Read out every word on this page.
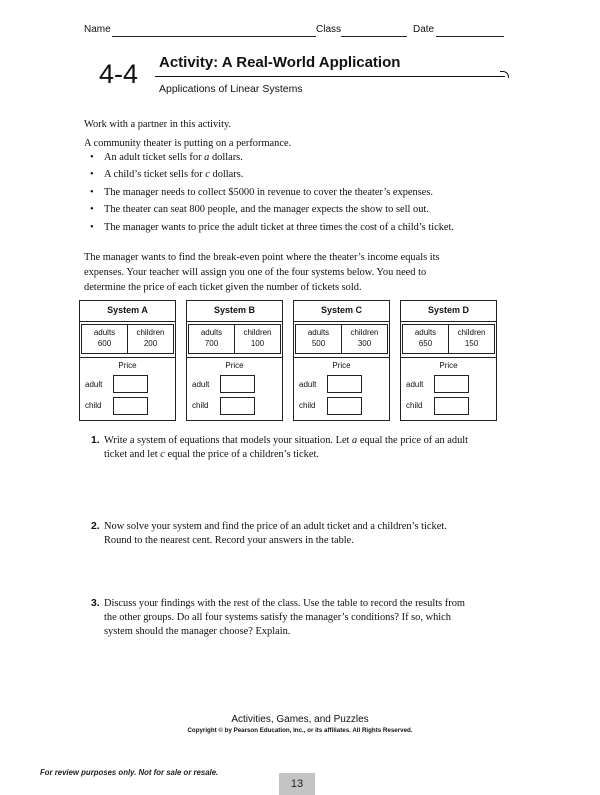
Name	Class	Date
4-4 Activity: A Real-World Application
Applications of Linear Systems
Work with a partner in this activity.
A community theater is putting on a performance.
• An adult ticket sells for a dollars.
• A child’s ticket sells for c dollars.
• The manager needs to collect $5000 in revenue to cover the theater’s expenses.
• The theater can seat 800 people, and the manager expects the show to sell out.
• The manager wants to price the adult ticket at three times the cost of a child’s ticket.
The manager wants to find the break-even point where the theater’s income equals its expenses. Your teacher will assign you one of the four systems below. You need to determine the price of each ticket given the number of tickets sold.
System A
adults	children
600	200
Price
adult
child
System B
adults	children
700	100
Price
adult
child
System C
adults	children
500	300
Price
adult
child
System D
adults	children
650	150
Price
adult
child
1. Write a system of equations that models your situation. Let a equal the price of an adult ticket and let c equal the price of a children’s ticket.
2. Now solve your system and find the price of an adult ticket and a children’s ticket. Round to the nearest cent. Record your answers in the table.
3. Discuss your findings with the rest of the class. Use the table to record the results from the other groups. Do all four systems satisfy the manager’s conditions? If so, which system should the manager choose? Explain.
Activities, Games, and Puzzles
Copyright © by Pearson Education, Inc., or its affiliates. All Rights Reserved.
For review purposes only. Not for sale or resale.
13
